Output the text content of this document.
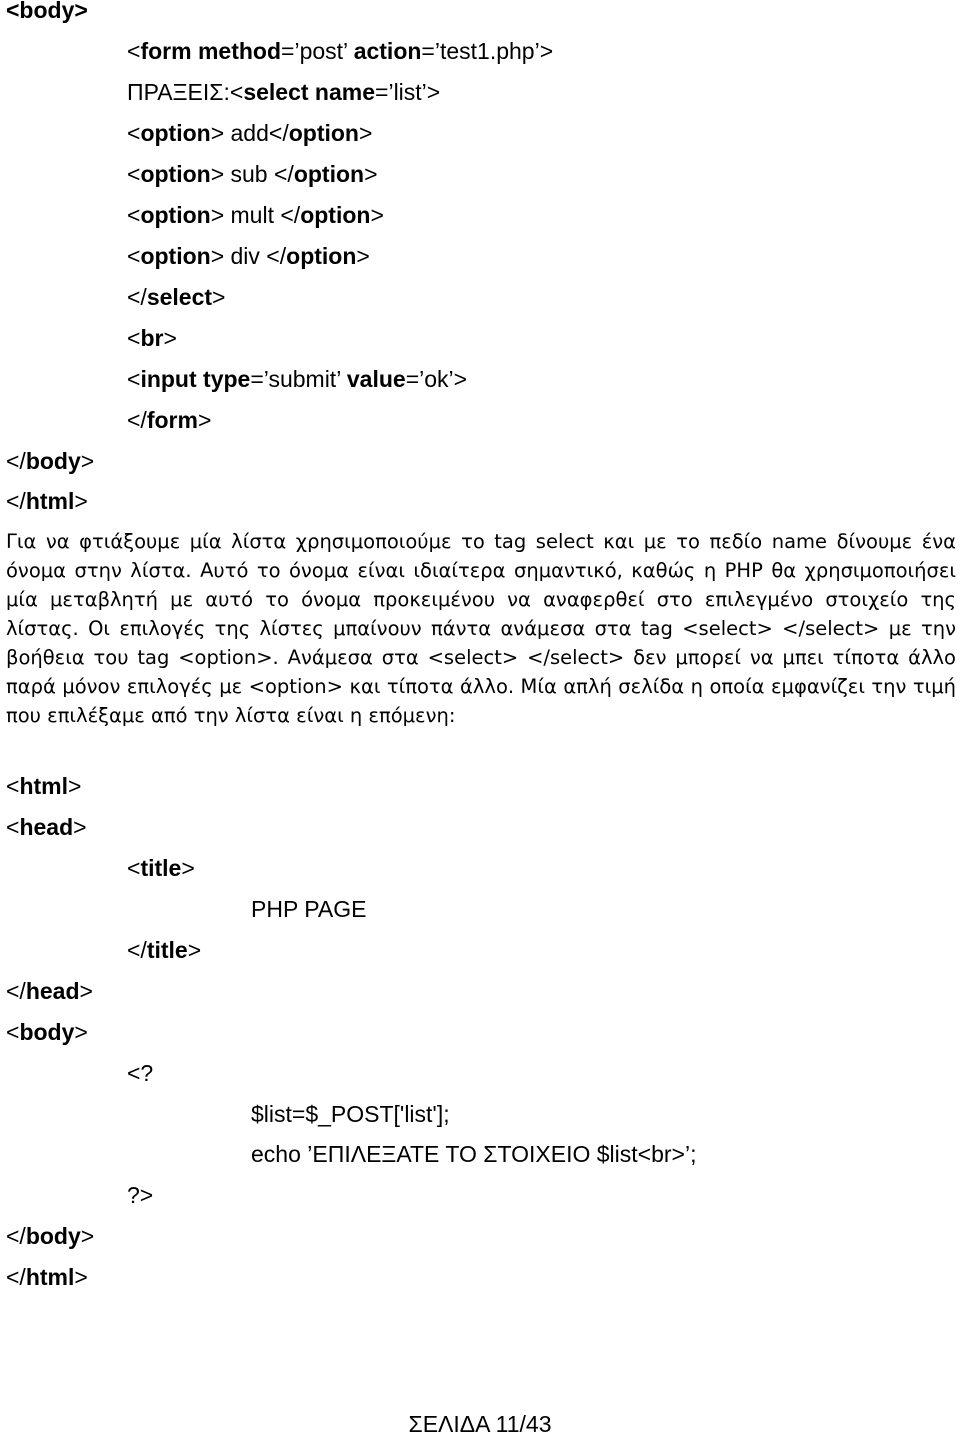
<body>
<form method=’post’ action=’test1.php’>
ΠΡΑΞΕΙΣ:<select name=’list’>
<option> add</option>
<option> sub </option>
<option> mult </option>
<option> div </option>
</select>
<br>
<input type=’submit’ value=’ok’>
</form>
</body>
</html>
Για να φτιάξουμε μία λίστα χρησιμοποιούμε το tag select και με το πεδίο name δίνουμε ένα όνομα στην λίστα. Αυτό το όνομα είναι ιδιαίτερα σημαντικό, καθώς η PHP θα χρησιμοποιήσει μία μεταβλητή με αυτό το όνομα προκειμένου να αναφερθεί στο επιλεγμένο στοιχείο της λίστας. Οι επιλογές της λίστες μπαίνουν πάντα ανάμεσα στα tag <select> </select> με την βοήθεια του tag <option>. Ανάμεσα στα <select> </select> δεν μπορεί να μπει τίποτα άλλο παρά μόνον επιλογές με <option> και τίποτα άλλο. Μία απλή σελίδα η οποία εμφανίζει την τιμή που επιλέξαμε από την λίστα είναι η επόμενη:
<html>
<head>
<title>
PHP PAGE
</title>
</head>
<body>
<?
$list=$_POST['list'];
echo ’ΕΠΙΛΕΞΑΤΕ ΤΟ ΣΤΟΙΧΕΙΟ $list<br>’;
?>
</body>
</html>
ΣΕΛΙΔΑ 11/43
